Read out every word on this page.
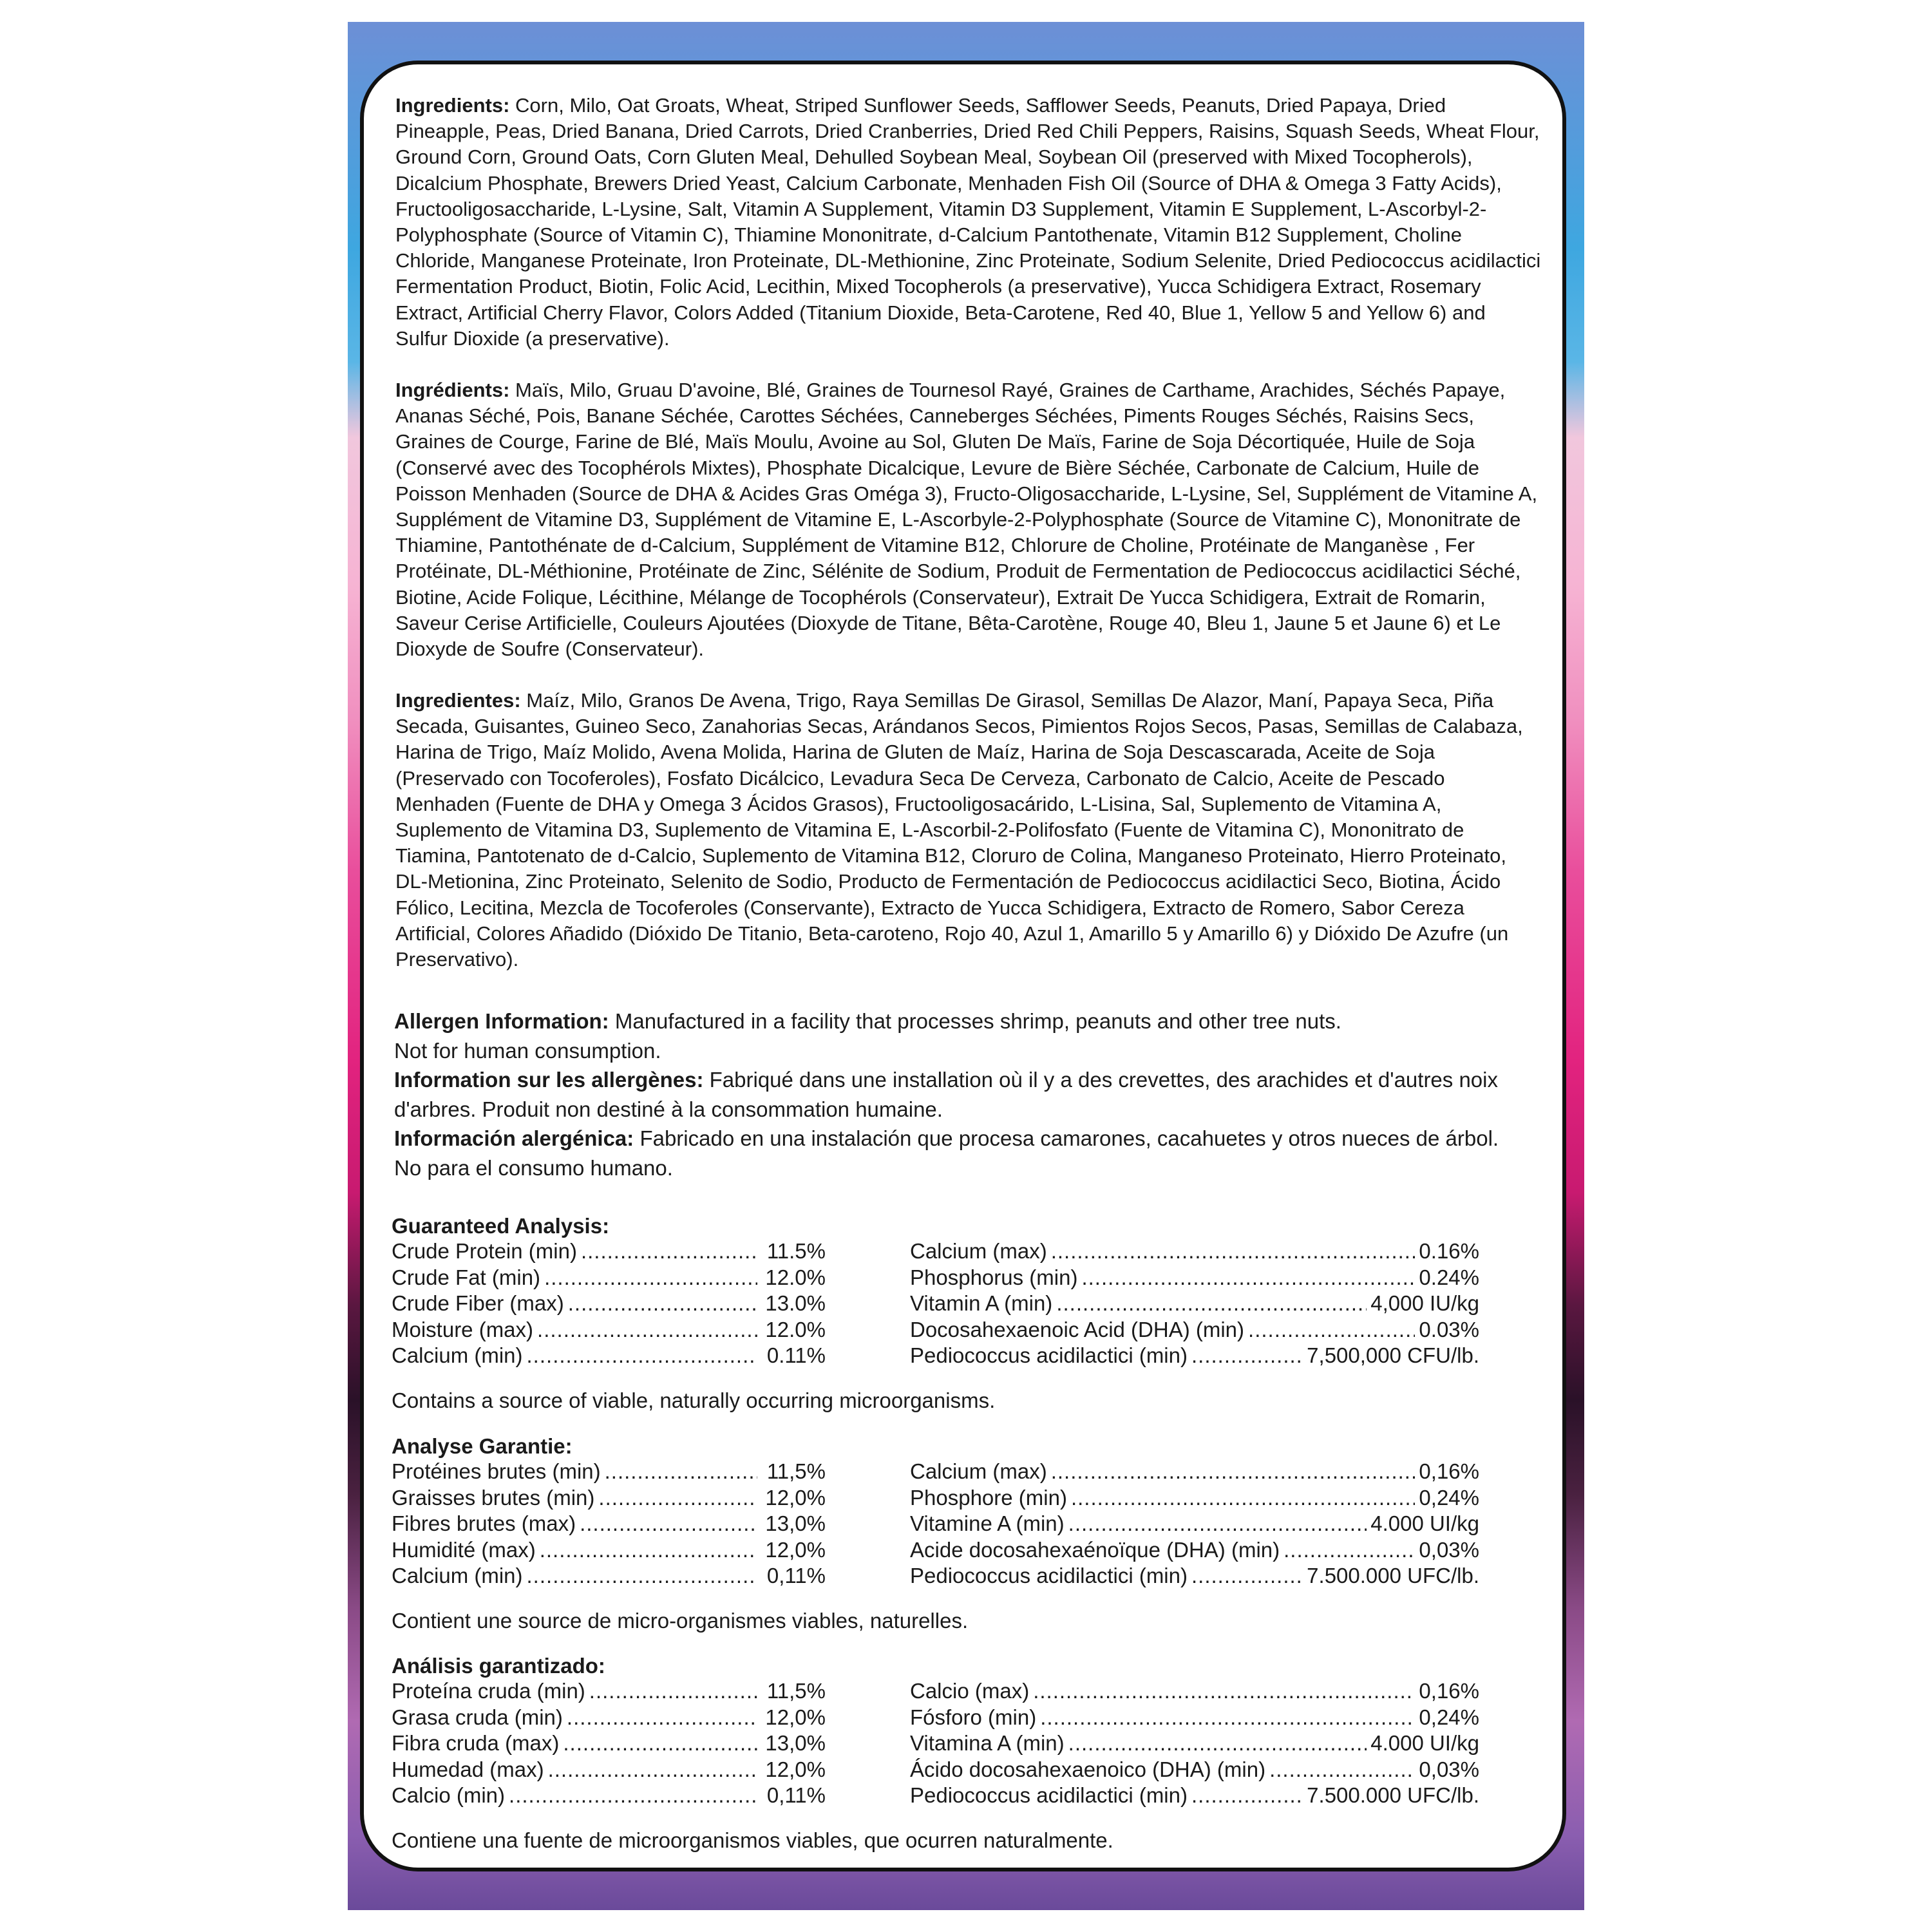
Ingredients: Corn, Milo, Oat Groats, Wheat, Striped Sunflower Seeds, Safflower Seeds, Peanuts, Dried Papaya, Dried Pineapple, Peas, Dried Banana, Dried Carrots, Dried Cranberries, Dried Red Chili Peppers, Raisins, Squash Seeds, Wheat Flour, Ground Corn, Ground Oats, Corn Gluten Meal, Dehulled Soybean Meal, Soybean Oil (preserved with Mixed Tocopherols), Dicalcium Phosphate, Brewers Dried Yeast, Calcium Carbonate, Menhaden Fish Oil (Source of DHA & Omega 3 Fatty Acids), Fructooligosaccharide, L-Lysine, Salt, Vitamin A Supplement, Vitamin D3 Supplement, Vitamin E Supplement, L-Ascorbyl-2-Polyphosphate (Source of Vitamin C), Thiamine Mononitrate, d-Calcium Pantothenate, Vitamin B12 Supplement, Choline Chloride, Manganese Proteinate, Iron Proteinate, DL-Methionine, Zinc Proteinate, Sodium Selenite, Dried Pediococcus acidilactici Fermentation Product, Biotin, Folic Acid, Lecithin, Mixed Tocopherols (a preservative), Yucca Schidigera Extract, Rosemary Extract, Artificial Cherry Flavor, Colors Added (Titanium Dioxide, Beta-Carotene, Red 40, Blue 1, Yellow 5 and Yellow 6) and Sulfur Dioxide (a preservative).
Ingrédients: Maïs, Milo, Gruau D'avoine, Blé, Graines de Tournesol Rayé, Graines de Carthame, Arachides, Séchés Papaye, Ananas Séché, Pois, Banane Séchée, Carottes Séchées, Canneberges Séchées, Piments Rouges Séchés, Raisins Secs, Graines de Courge, Farine de Blé, Maïs Moulu, Avoine au Sol, Gluten De Maïs, Farine de Soja Décortiquée, Huile de Soja (Conservé avec des Tocophérols Mixtes), Phosphate Dicalcique, Levure de Bière Séchée, Carbonate de Calcium, Huile de Poisson Menhaden (Source de DHA & Acides Gras Oméga 3), Fructo-Oligosaccharide, L-Lysine, Sel, Supplément de Vitamine A, Supplément de Vitamine D3, Supplément de Vitamine E, L-Ascorbyle-2-Polyphosphate (Source de Vitamine C), Mononitrate de Thiamine, Pantothénate de d-Calcium, Supplément de Vitamine B12, Chlorure de Choline, Protéinate de Manganèse , Fer Protéinate, DL-Méthionine, Protéinate de Zinc, Sélénite de Sodium, Produit de Fermentation de Pediococcus acidilactici Séché, Biotine, Acide Folique, Lécithine, Mélange de Tocophérols (Conservateur), Extrait De Yucca Schidigera, Extrait de Romarin, Saveur Cerise Artificielle, Couleurs Ajoutées (Dioxyde de Titane, Bêta-Carotène, Rouge 40, Bleu 1, Jaune 5 et Jaune 6) et Le Dioxyde de Soufre (Conservateur).
Ingredientes: Maíz, Milo, Granos De Avena, Trigo, Raya Semillas De Girasol, Semillas De Alazor, Maní, Papaya Seca, Piña Secada, Guisantes, Guineo Seco, Zanahorias Secas, Arándanos Secos, Pimientos Rojos Secos, Pasas, Semillas de Calabaza, Harina de Trigo, Maíz Molido, Avena Molida, Harina de Gluten de Maíz, Harina de Soja Descascarada, Aceite de Soja (Preservado con Tocoferoles), Fosfato Dicálcico, Levadura Seca De Cerveza, Carbonato de Calcio, Aceite de Pescado Menhaden (Fuente de DHA y Omega 3 Ácidos Grasos), Fructooligosacárido, L-Lisina, Sal, Suplemento de Vitamina A, Suplemento de Vitamina D3, Suplemento de Vitamina E, L-Ascorbil-2-Polifosfato (Fuente de Vitamina C), Mononitrato de Tiamina, Pantotenato de d-Calcio, Suplemento de Vitamina B12, Cloruro de Colina, Manganeso Proteinato, Hierro Proteinato, DL-Metionina, Zinc Proteinato, Selenito de Sodio, Producto de Fermentación de Pediococcus acidilactici Seco, Biotina, Ácido Fólico, Lecitina, Mezcla de Tocoferoles (Conservante), Extracto de Yucca Schidigera, Extracto de Romero, Sabor Cereza Artificial, Colores Añadido (Dióxido De Titanio, Beta-caroteno, Rojo 40, Azul 1, Amarillo 5 y Amarillo 6) y Dióxido De Azufre (un Preservativo).
Allergen Information: Manufactured in a facility that processes shrimp, peanuts and other tree nuts.
Not for human consumption.
Information sur les allergènes: Fabriqué dans une installation où il y a des crevettes, des arachides et d'autres noix
d'arbres. Produit non destiné à la consommation humaine.
Información alergénica: Fabricado en una instalación que procesa camarones, cacahuetes y otros nueces de árbol.
No para el consumo humano.
Guaranteed Analysis:
Crude Protein (min) .....	11.5%
Crude Fat (min) .....	12.0%
Crude Fiber (max) .....	13.0%
Moisture (max) .....	12.0%
Calcium (min) .....	0.11%
Calcium (max) .....	0.16%
Phosphorus (min) .....	0.24%
Vitamin A (min) .....	4,000 IU/kg
Docosahexaenoic Acid (DHA) (min) .....	0.03%
Pediococcus acidilactici (min) .....	7,500,000 CFU/lb.
Contains a source of viable, naturally occurring microorganisms.
Analyse Garantie:
Protéines brutes (min) .....	11,5%
Graisses brutes (min) .....	12,0%
Fibres brutes (max) .....	13,0%
Humidité (max) .....	12,0%
Calcium (min) .....	0,11%
Calcium (max) .....	0,16%
Phosphore (min) .....	0,24%
Vitamine A (min) .....	4.000 UI/kg
Acide docosahexaénoïque (DHA) (min) .....	0,03%
Pediococcus acidilactici (min) .....	7.500.000 UFC/lb.
Contient une source de micro-organismes viables, naturelles.
Análisis garantizado:
Proteína cruda (min) .....	11,5%
Grasa cruda (min) .....	12,0%
Fibra cruda (max) .....	13,0%
Humedad (max) .....	12,0%
Calcio (min) .....	0,11%
Calcio (max) .....	0,16%
Fósforo (min) .....	0,24%
Vitamina A (min) .....	4.000 UI/kg
Ácido docosahexaenoico (DHA) (min) .....	0,03%
Pediococcus acidilactici (min) .....	7.500.000 UFC/lb.
Contiene una fuente de microorganismos viables, que ocurren naturalmente.
